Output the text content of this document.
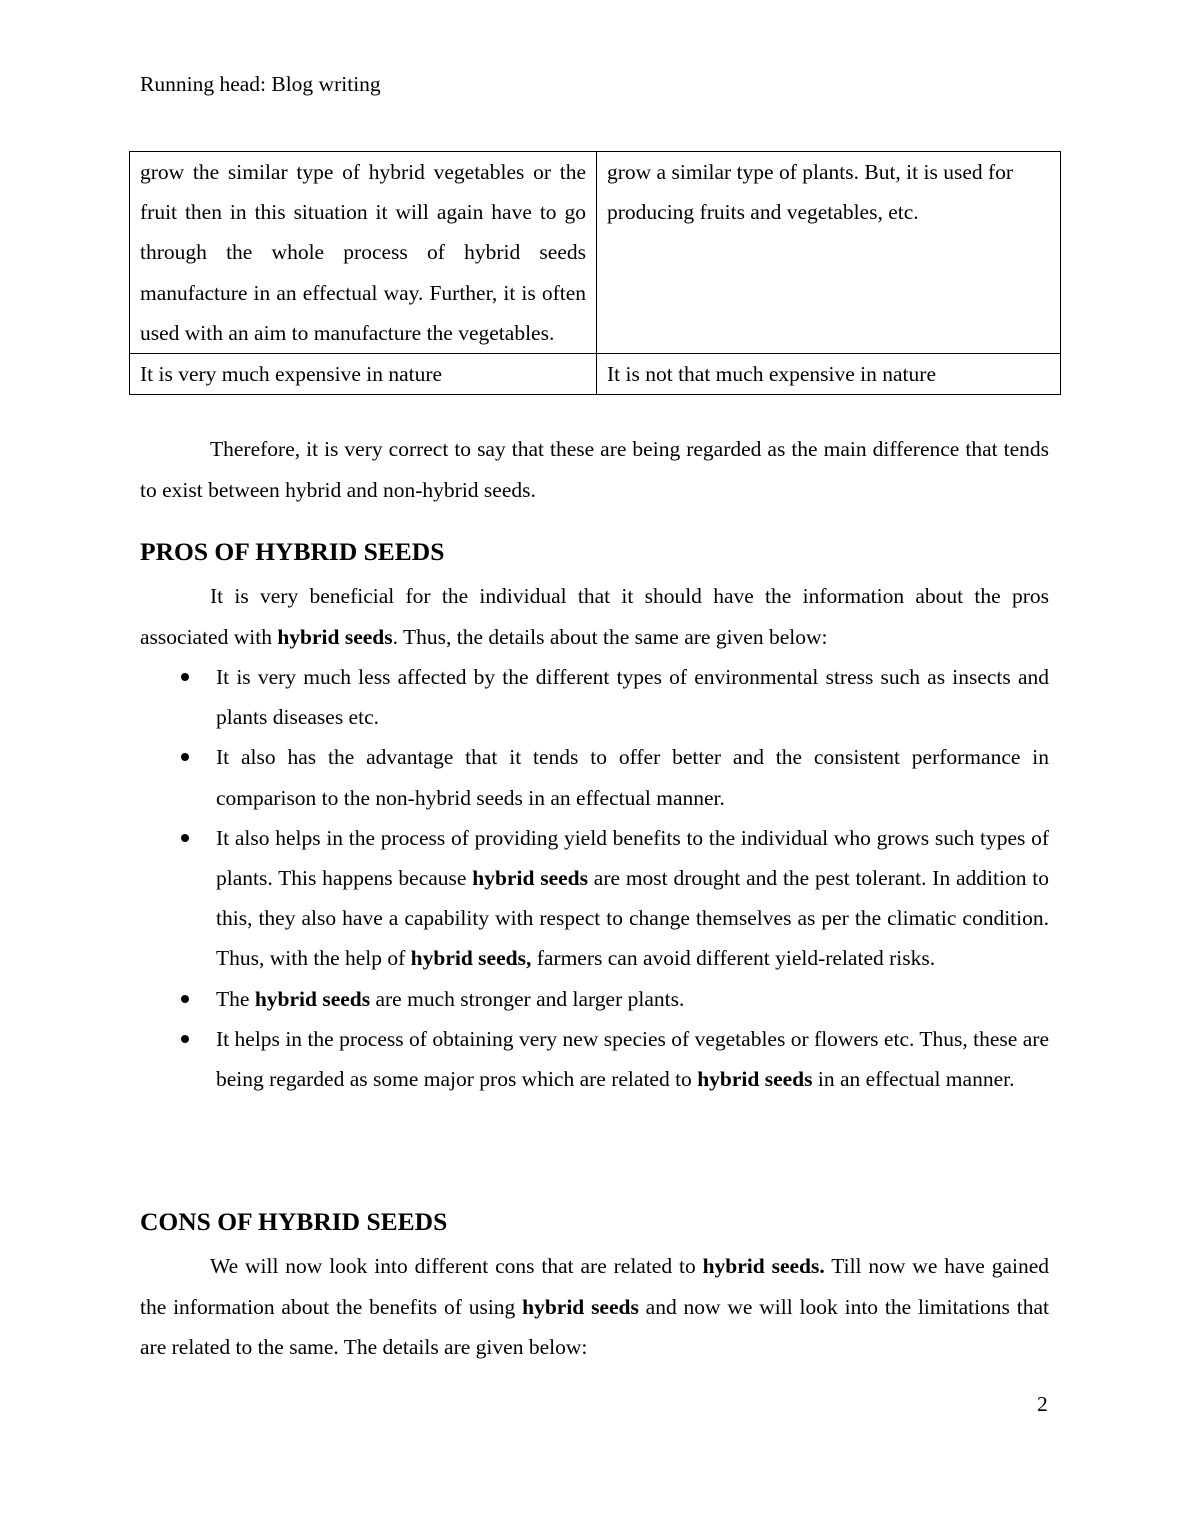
Running head: Blog writing
grow the similar type of hybrid vegetables or the fruit then in this situation it will again have to go through the whole process of hybrid seeds manufacture in an effectual way. Further, it is often used with an aim to manufacture the vegetables.	grow a similar type of plants. But, it is used for producing fruits and vegetables, etc.
It is very much expensive in nature	It is not that much expensive in nature

Therefore, it is very correct to say that these are being regarded as the main difference that tends to exist between hybrid and non-hybrid seeds.

PROS OF HYBRID SEEDS

It is very beneficial for the individual that it should have the information about the pros associated with hybrid seeds. Thus, the details about the same are given below:

It is very much less affected by the different types of environmental stress such as insects and plants diseases etc.
It also has the advantage that it tends to offer better and the consistent performance in comparison to the non-hybrid seeds in an effectual manner.
It also helps in the process of providing yield benefits to the individual who grows such types of plants. This happens because hybrid seeds are most drought and the pest tolerant. In addition to this, they also have a capability with respect to change themselves as per the climatic condition. Thus, with the help of hybrid seeds, farmers can avoid different yield-related risks.
The hybrid seeds are much stronger and larger plants.
It helps in the process of obtaining very new species of vegetables or flowers etc. Thus, these are being regarded as some major pros which are related to hybrid seeds in an effectual manner.
CONS OF HYBRID SEEDS

We will now look into different cons that are related to hybrid seeds. Till now we have gained the information about the benefits of using hybrid seeds and now we will look into the limitations that are related to the same. The details are given below:

2
